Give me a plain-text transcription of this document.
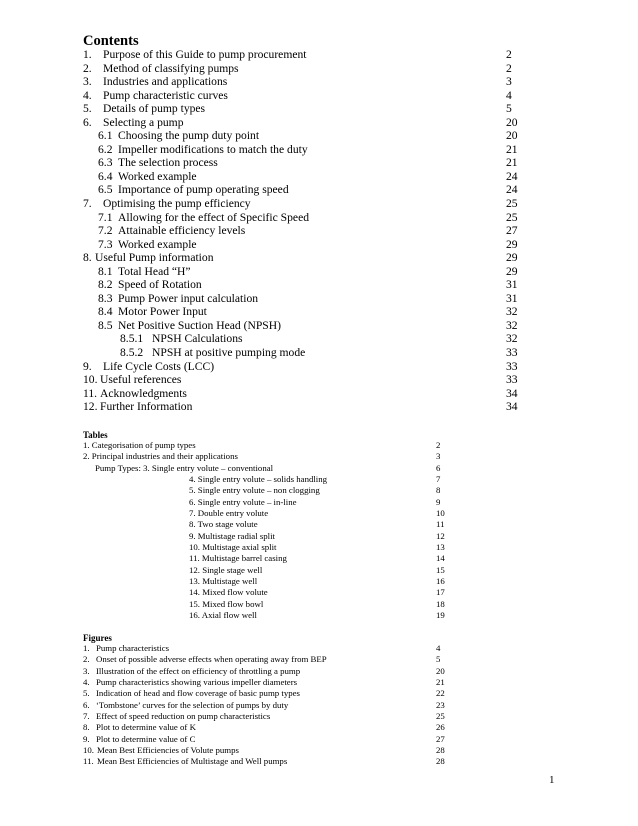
Contents
1. Purpose of this Guide to pump procurement	2
2. Method of classifying pumps	2
3. Industries and applications	3
4. Pump characteristic curves	4
5. Details of pump types	5
6. Selecting a pump	20
6.1 Choosing the pump duty point	20
6.2 Impeller modifications to match the duty	21
6.3 The selection process	21
6.4 Worked example	24
6.5 Importance of pump operating speed	24
7. Optimising the pump efficiency	25
7.1 Allowing for the effect of Specific Speed	25
7.2 Attainable efficiency levels	27
7.3 Worked example	29
8. Useful Pump information	29
8.1 Total Head “H”	29
8.2 Speed of Rotation	31
8.3 Pump Power input calculation	31
8.4 Motor Power Input	32
8.5 Net Positive Suction Head (NPSH)	32
8.5.1 NPSH Calculations	32
8.5.2 NPSH at positive pumping mode	33
9. Life Cycle Costs (LCC)	33
10. Useful references	33
11. Acknowledgments	34
12. Further Information	34
Tables
1. Categorisation of pump types	2
2. Principal industries and their applications	3
Pump Types: 3. Single entry volute – conventional	6
4. Single entry volute – solids handling	7
5. Single entry volute – non clogging	8
6. Single entry volute – in-line	9
7. Double entry volute	10
8. Two stage volute	11
9. Multistage radial split	12
10. Multistage axial split	13
11. Multistage barrel casing	14
12. Single stage well	15
13. Multistage well	16
14. Mixed flow volute	17
15. Mixed flow bowl	18
16. Axial flow well	19
Figures
1. Pump characteristics	4
2. Onset of possible adverse effects when operating away from BEP	5
3. Illustration of the effect on efficiency of throttling a pump	20
4. Pump characteristics showing various impeller diameters	21
5. Indication of head and flow coverage of basic pump types	22
6. ‘Tombstone’ curves for the selection of pumps by duty	23
7. Effect of speed reduction on pump characteristics	25
8. Plot to determine value of K	26
9. Plot to determine value of C	27
10. Mean Best Efficiencies of Volute pumps	28
11. Mean Best Efficiencies of Multistage and Well pumps	28
1
